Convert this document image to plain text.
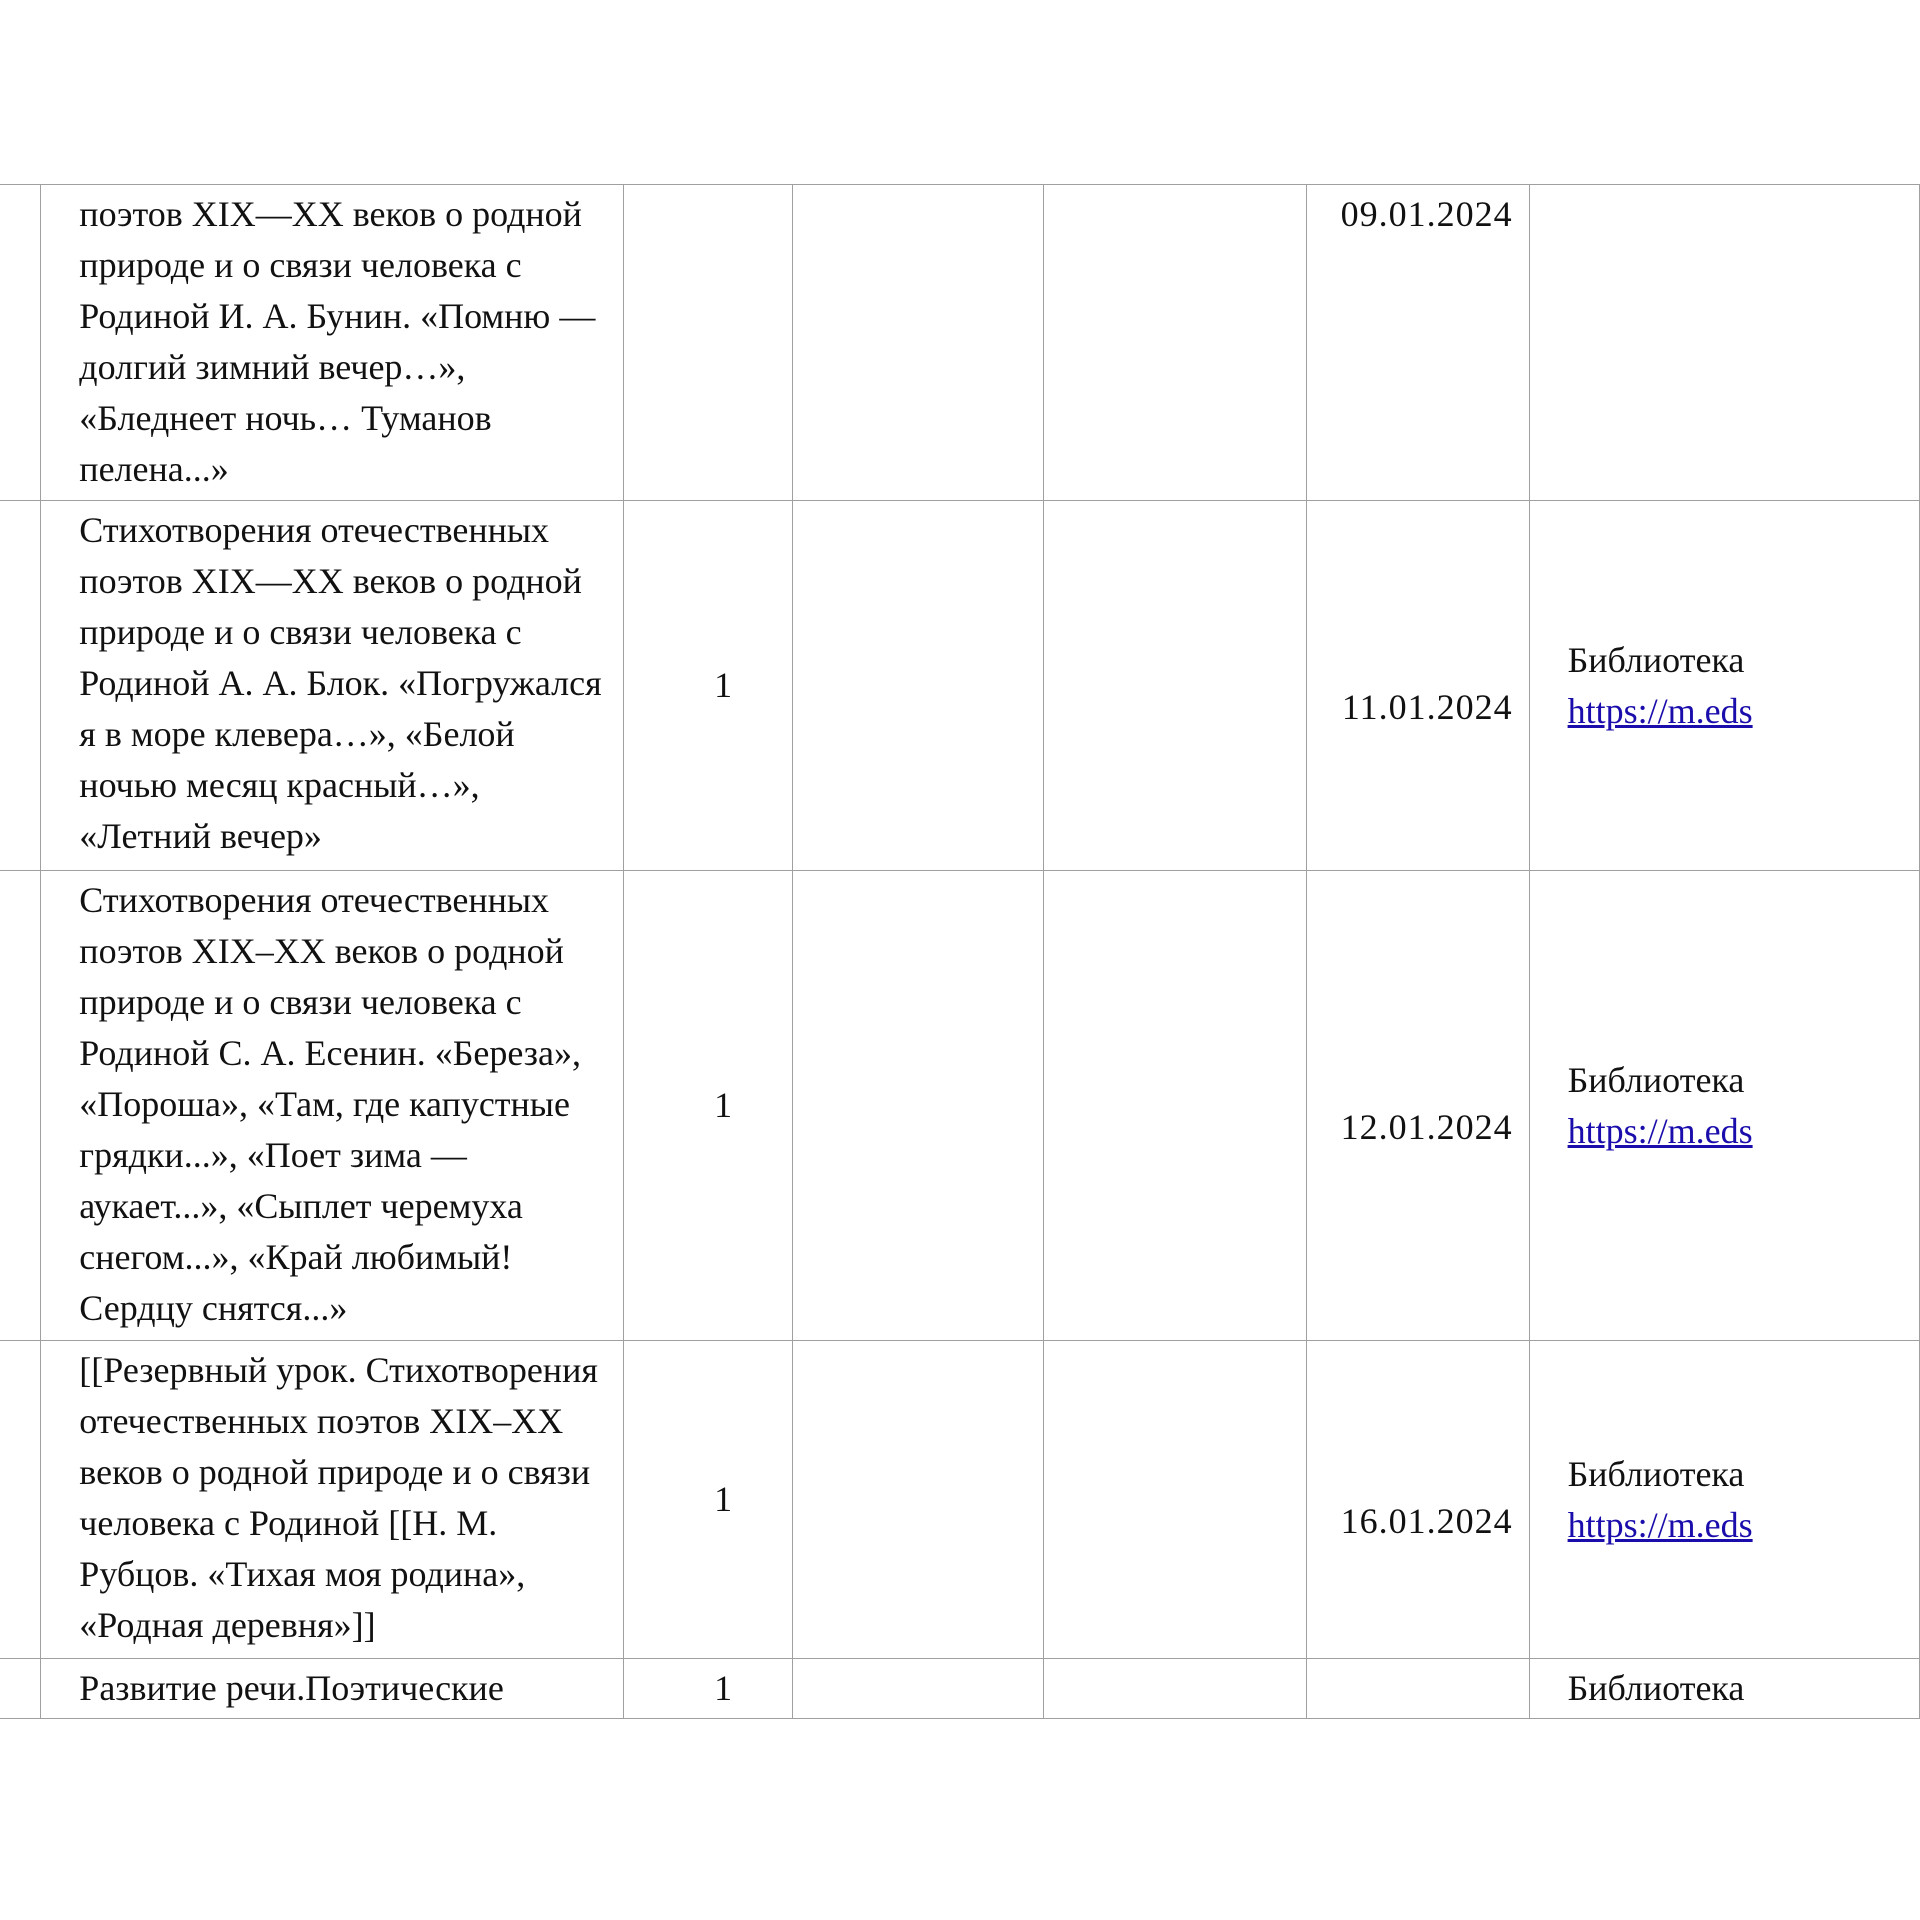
	поэтов XIX—XX веков о родной природе и о связи человека с Родиной И. А. Бунин. «Помню — долгий зимний вечер…», «Бледнеет ночь… Туманов пелена...»				09.01.2024	
	Стихотворения отечественных поэтов XIX—XX веков о родной природе и о связи человека с Родиной А. А. Блок. «Погружался я в море клевера…», «Белой ночью месяц красный…», «Летний вечер»	1			11.01.2024	Библиотека
https://m.eds

	Стихотворения отечественных поэтов XIX–XX веков о родной природе и о связи человека с Родиной С. А. Есенин. «Береза», «Пороша», «Там, где капустные грядки...», «Поет зима — аукает...», «Сыплет черемуха снегом...», «Край любимый! Сердцу снятся...»	1			12.01.2024	Библиотека
https://m.eds

	[[Резервный урок. Стихотворения отечественных поэтов XIX–XX веков о родной природе и о связи человека с Родиной [[Н. М. Рубцов. «Тихая моя родина», «Родная деревня»]]	1			16.01.2024	Библиотека
https://m.eds

	Развитие речи.Поэтические	1				Библиотека
